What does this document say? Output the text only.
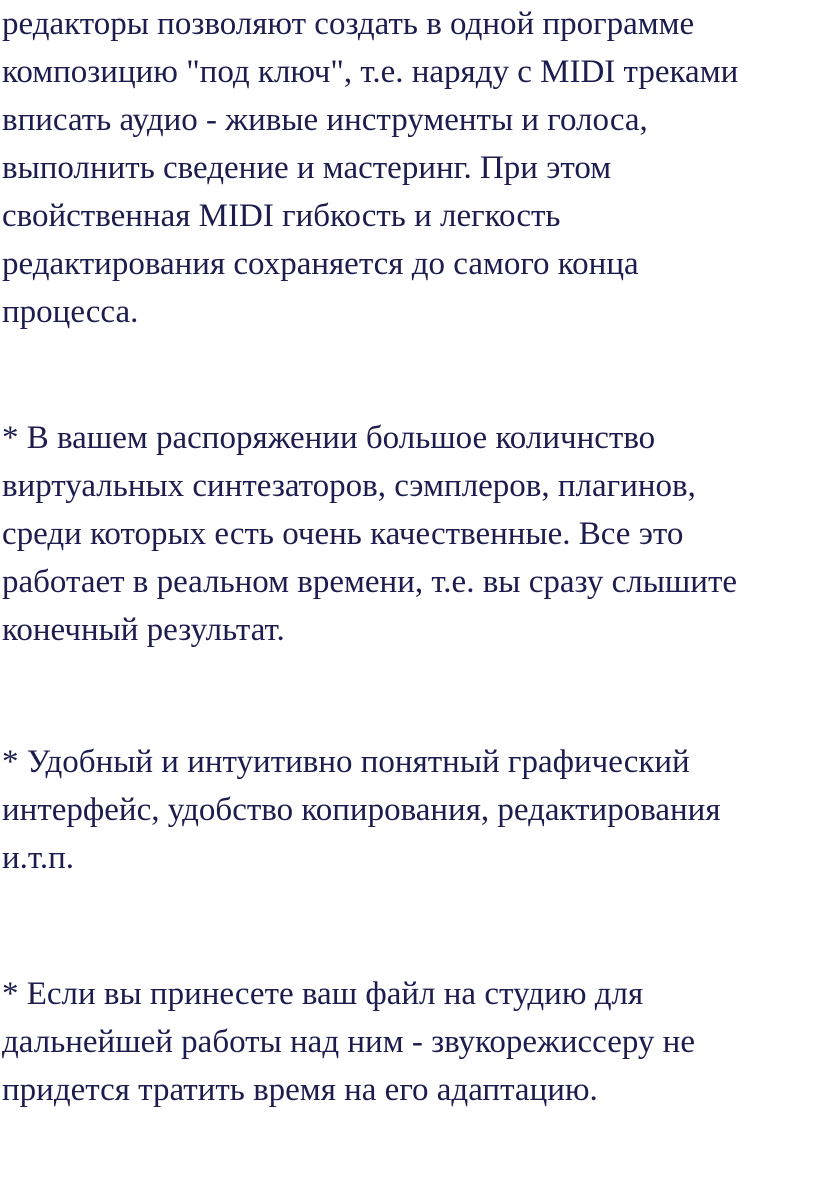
редакторы позволяют создать в одной программе
композицию "под ключ", т.е. наряду с MIDI треками
вписать аудио - живые инструменты и голоса,
выполнить сведение и мастеринг. При этом
свойственная MIDI гибкость и легкость
редактирования сохраняется до самого конца
процесса.

* В вашем распоряжении большое количнство
виртуальных синтезаторов, сэмплеров, плагинов,
среди которых есть очень качественные. Все это
работает в реальном времени, т.е. вы сразу слышите
конечный результат.

* Удобный и интуитивно понятный графический
интерфейс, удобство копирования, редактирования
и.т.п.

* Если вы принесете ваш файл на студию для
дальнейшей работы над ним - звукорежиссеру не
придется тратить время на его адаптацию.
